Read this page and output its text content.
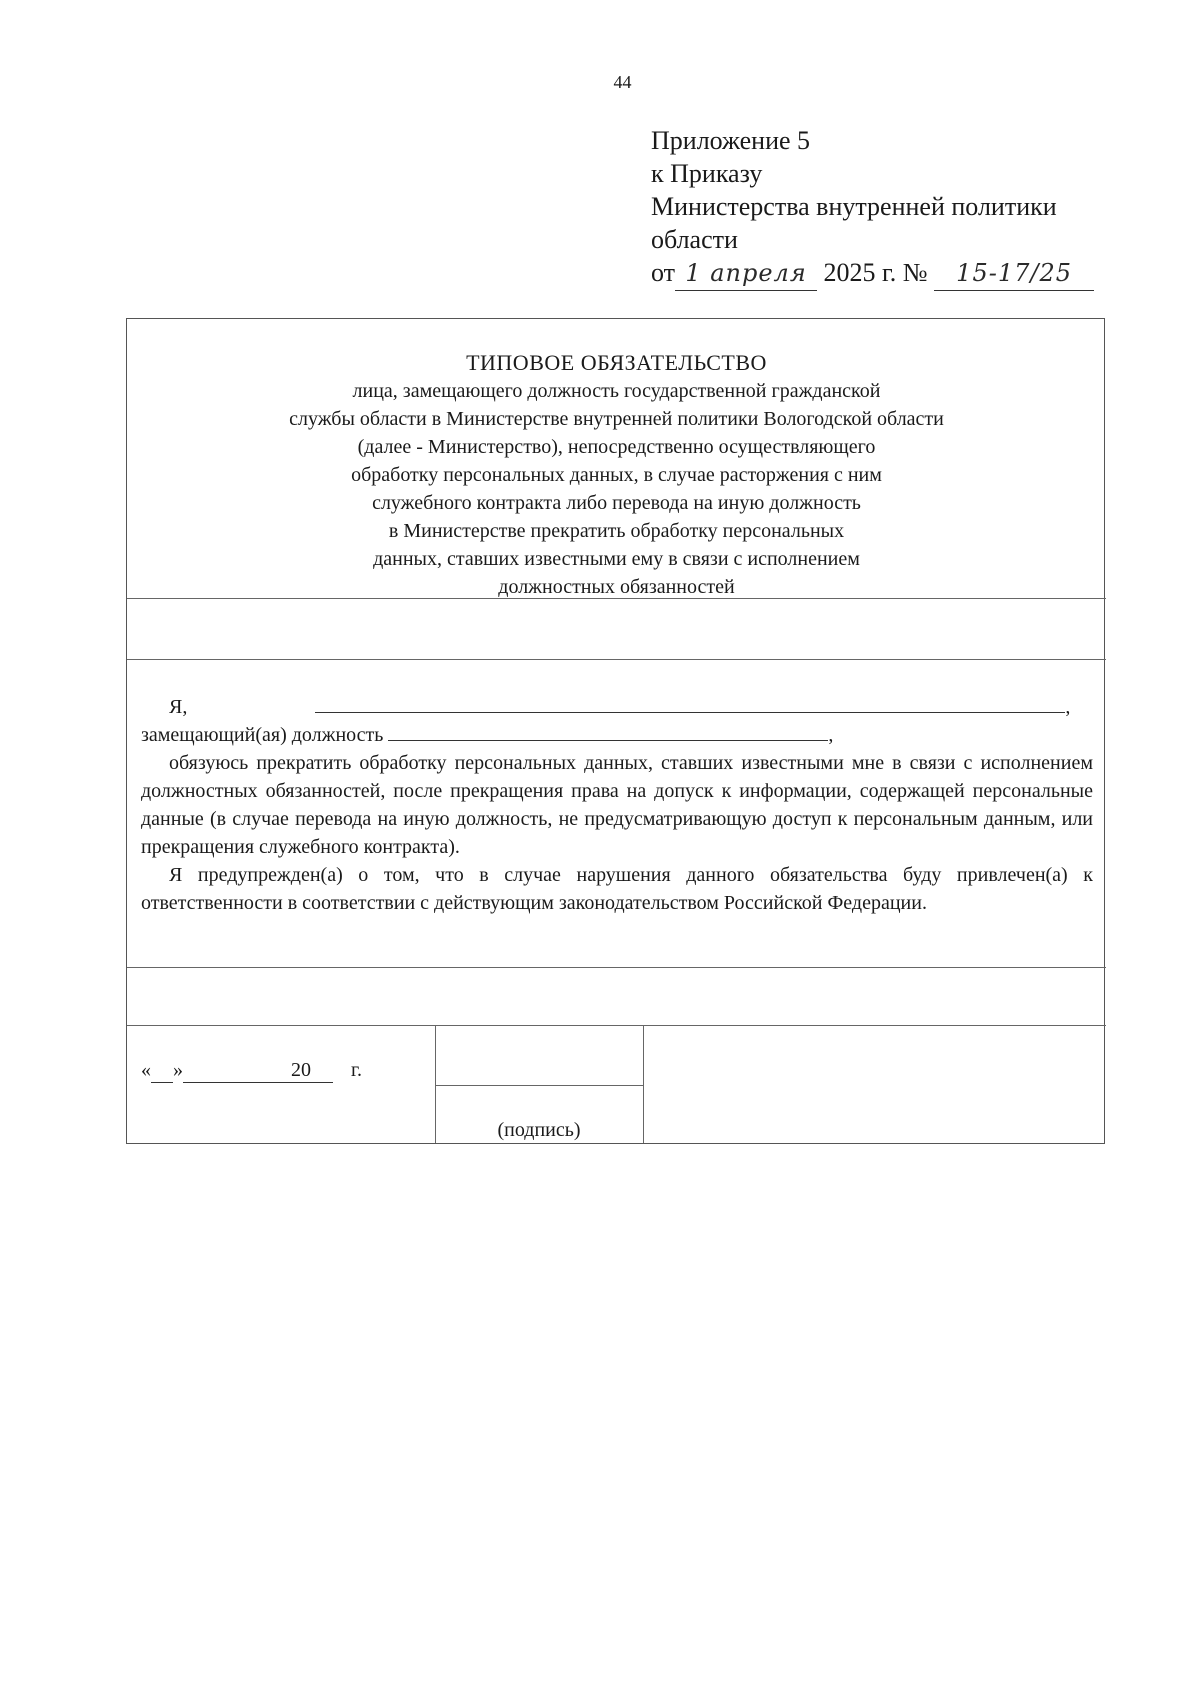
44
Приложение 5
к Приказу
Министерства внутренней политики
области
от 1 апреля 2025 г. № 15-17/25
ТИПОВОЕ ОБЯЗАТЕЛЬСТВО
лица, замещающего должность государственной гражданской
службы области в Министерстве внутренней политики Вологодской области
(далее - Министерство), непосредственно осуществляющего
обработку персональных данных, в случае расторжения с ним
служебного контракта либо перевода на иную должность
в Министерстве прекратить обработку персональных
данных, ставших известными ему в связи с исполнением
должностных обязанностей

Я,	,

замещающий(ая) должность	,

обязуюсь прекратить обработку персональных данных, ставших известными мне в связи с исполнением должностных обязанностей, после прекращения права на допуск к информации, содержащей персональные данные (в случае перевода на иную должность, не предусматривающую доступ к персональным данным, или прекращения служебного контракта).

Я предупрежден(а) о том, что в случае нарушения данного обязательства буду привлечен(а) к ответственности в соответствии с действующим законодательством Российской Федерации.

« »	20 г.
(подпись)
